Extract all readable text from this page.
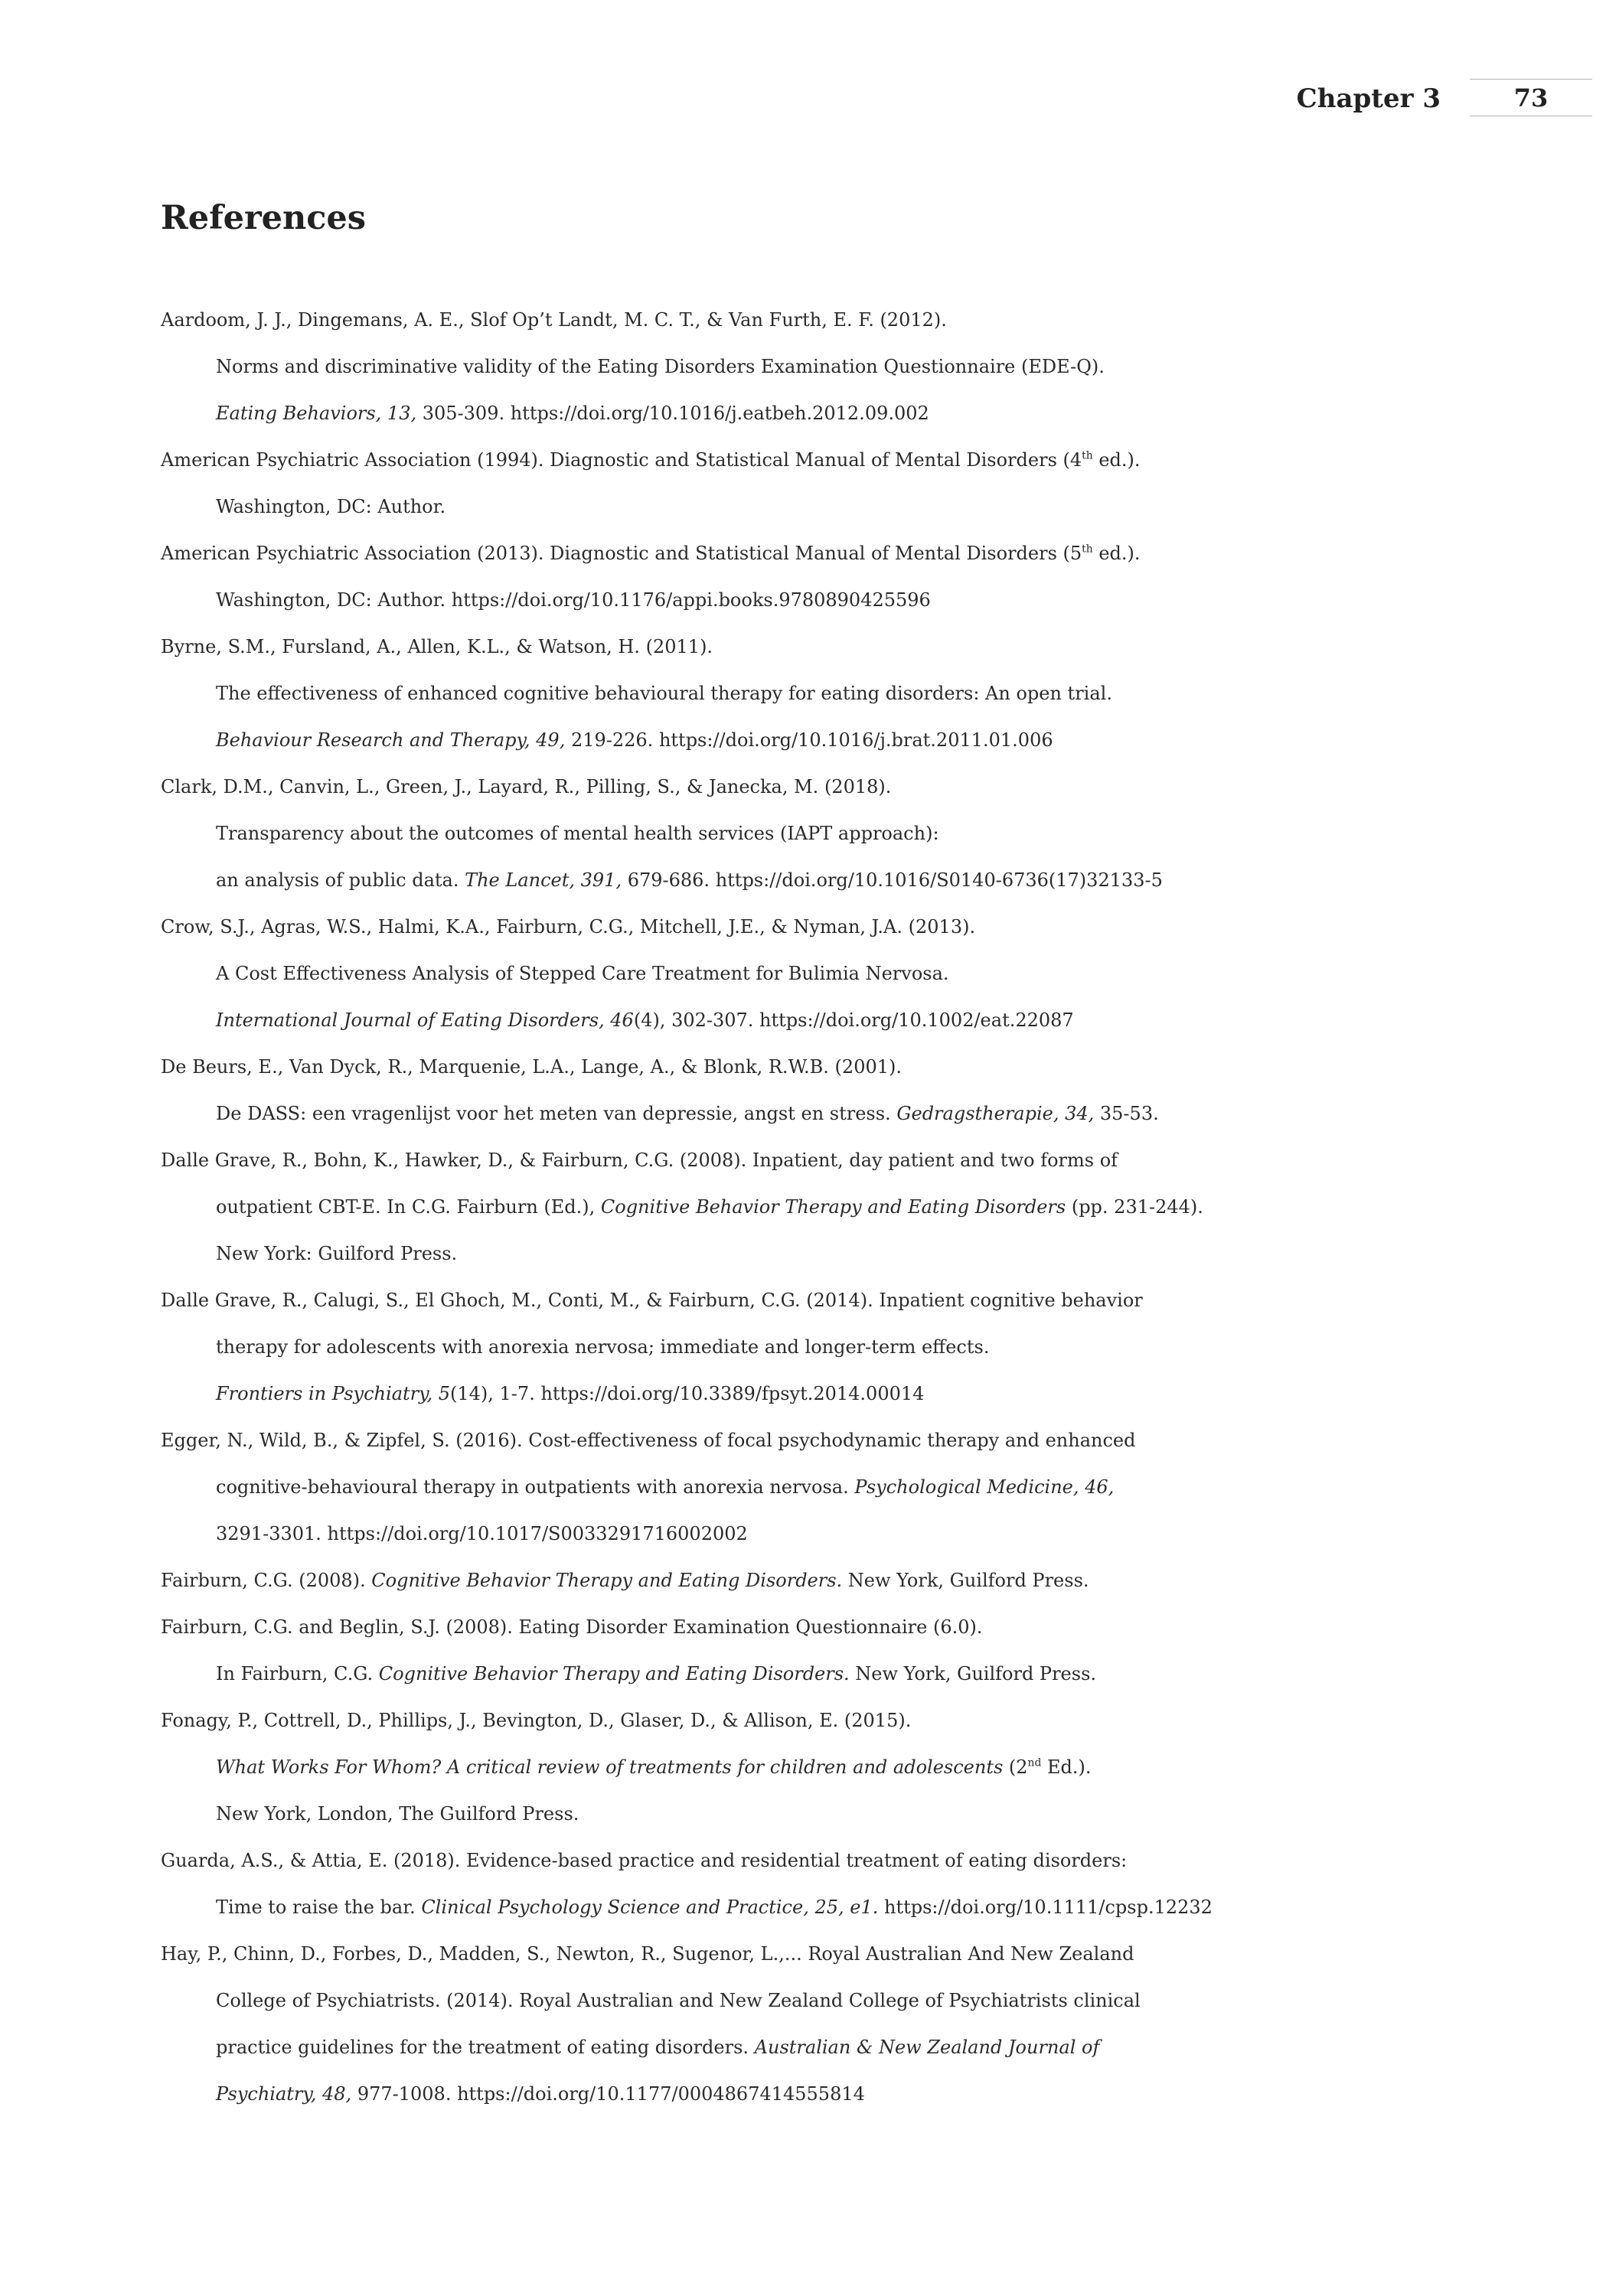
Chapter 3	73
References
Aardoom, J. J., Dingemans, A. E., Slof Op’t Landt, M. C. T., & Van Furth, E. F. (2012).
Norms and discriminative validity of the Eating Disorders Examination Questionnaire (EDE-Q).
Eating Behaviors, 13, 305-309. https://doi.org/10.1016/j.eatbeh.2012.09.002
American Psychiatric Association (1994). Diagnostic and Statistical Manual of Mental Disorders (4th ed.).
Washington, DC: Author.
American Psychiatric Association (2013). Diagnostic and Statistical Manual of Mental Disorders (5th ed.).
Washington, DC: Author. https://doi.org/10.1176/appi.books.9780890425596
Byrne, S.M., Fursland, A., Allen, K.L., & Watson, H. (2011).
The effectiveness of enhanced cognitive behavioural therapy for eating disorders: An open trial.
Behaviour Research and Therapy, 49, 219-226. https://doi.org/10.1016/j.brat.2011.01.006
Clark, D.M., Canvin, L., Green, J., Layard, R., Pilling, S., & Janecka, M. (2018).
Transparency about the outcomes of mental health services (IAPT approach):
an analysis of public data. The Lancet, 391, 679-686. https://doi.org/10.1016/S0140-6736(17)32133-5
Crow, S.J., Agras, W.S., Halmi, K.A., Fairburn, C.G., Mitchell, J.E., & Nyman, J.A. (2013).
A Cost Effectiveness Analysis of Stepped Care Treatment for Bulimia Nervosa.
International Journal of Eating Disorders, 46(4), 302-307. https://doi.org/10.1002/eat.22087
De Beurs, E., Van Dyck, R., Marquenie, L.A., Lange, A., & Blonk, R.W.B. (2001).
De DASS: een vragenlijst voor het meten van depressie, angst en stress. Gedragstherapie, 34, 35-53.
Dalle Grave, R., Bohn, K., Hawker, D., & Fairburn, C.G. (2008). Inpatient, day patient and two forms of
outpatient CBT-E. In C.G. Fairburn (Ed.), Cognitive Behavior Therapy and Eating Disorders (pp. 231-244).
New York: Guilford Press.
Dalle Grave, R., Calugi, S., El Ghoch, M., Conti, M., & Fairburn, C.G. (2014). Inpatient cognitive behavior
therapy for adolescents with anorexia nervosa; immediate and longer-term effects.
Frontiers in Psychiatry, 5(14), 1-7. https://doi.org/10.3389/fpsyt.2014.00014
Egger, N., Wild, B., & Zipfel, S. (2016). Cost-effectiveness of focal psychodynamic therapy and enhanced
cognitive-behavioural therapy in outpatients with anorexia nervosa. Psychological Medicine, 46,
3291-3301. https://doi.org/10.1017/S0033291716002002
Fairburn, C.G. (2008). Cognitive Behavior Therapy and Eating Disorders. New York, Guilford Press.
Fairburn, C.G. and Beglin, S.J. (2008). Eating Disorder Examination Questionnaire (6.0).
In Fairburn, C.G. Cognitive Behavior Therapy and Eating Disorders. New York, Guilford Press.
Fonagy, P., Cottrell, D., Phillips, J., Bevington, D., Glaser, D., & Allison, E. (2015).
What Works For Whom? A critical review of treatments for children and adolescents (2nd Ed.).
New York, London, The Guilford Press.
Guarda, A.S., & Attia, E. (2018). Evidence-based practice and residential treatment of eating disorders:
Time to raise the bar. Clinical Psychology Science and Practice, 25, e1. https://doi.org/10.1111/cpsp.12232
Hay, P., Chinn, D., Forbes, D., Madden, S., Newton, R., Sugenor, L.,... Royal Australian And New Zealand
College of Psychiatrists. (2014). Royal Australian and New Zealand College of Psychiatrists clinical
practice guidelines for the treatment of eating disorders. Australian & New Zealand Journal of
Psychiatry, 48, 977-1008. https://doi.org/10.1177/0004867414555814
